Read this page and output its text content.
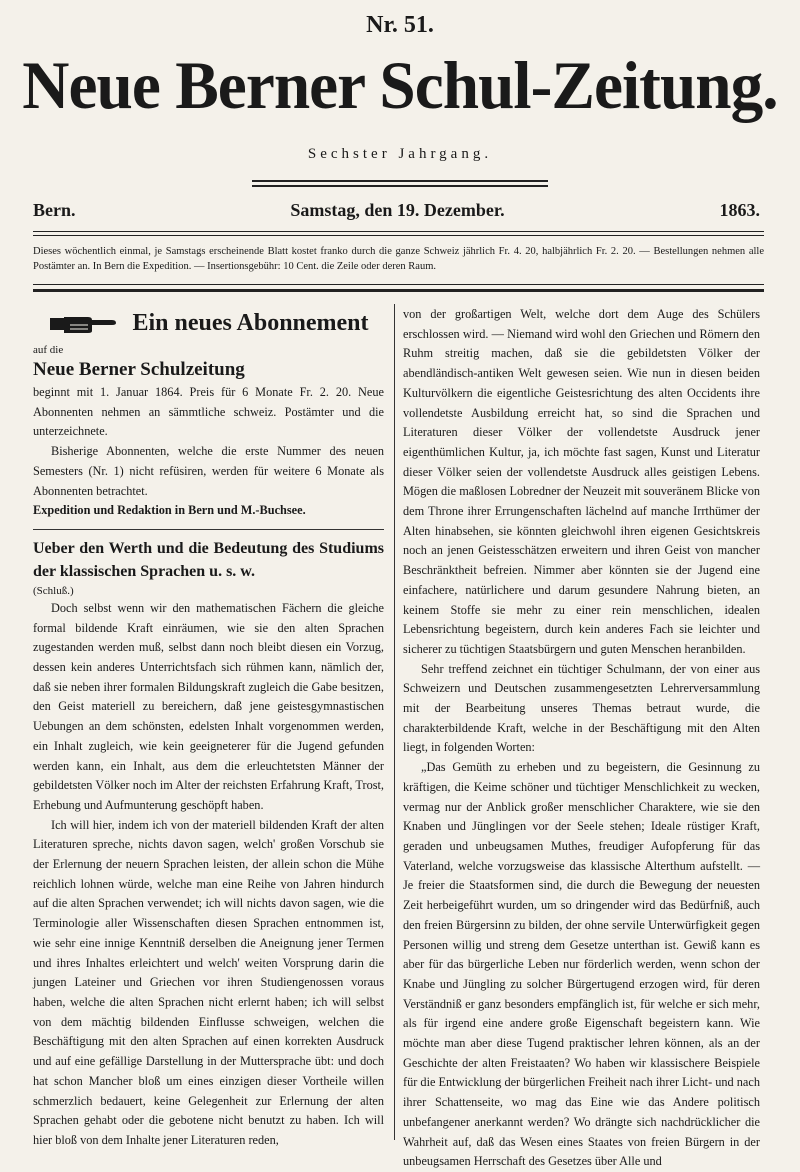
Nr. 51.
Neue Berner Schul-Zeitung.
Sechster Jahrgang.
Bern.	Samstag, den 19. Dezember.	1863.
Dieses wöchentlich einmal, je Samstags erscheinende Blatt kostet franko durch die ganze Schweiz jährlich Fr. 4. 20, halbjährlich Fr. 2. 20. — Bestellungen nehmen alle Postämter an. In Bern die Expedition. — Insertionsgebühr: 10 Cent. die Zeile oder deren Raum.
Ein neues Abonnement

auf die

Neue Berner Schulzeitung

beginnt mit 1. Januar 1864. Preis für 6 Monate Fr. 2. 20. Neue Abonnenten nehmen an sämmtliche schweiz. Postämter und die unterzeichnete.

Bisherige Abonnenten, welche die erste Nummer des neuen Semesters (Nr. 1) nicht refüsiren, werden für weitere 6 Monate als Abonnenten betrachtet.

Expedition und Redaktion in Bern und M.-Buchsee.

Ueber den Werth und die Bedeutung des Studiums der klassischen Sprachen u. s. w.

(Schluß.)

Doch selbst wenn wir den mathematischen Fächern die gleiche formal bildende Kraft einräumen, wie sie den alten Sprachen zugestanden werden muß, selbst dann noch bleibt diesen ein Vorzug, dessen kein anderes Unterrichtsfach sich rühmen kann, nämlich der, daß sie neben ihrer formalen Bildungskraft zugleich die Gabe besitzen, den Geist materiell zu bereichern, daß jene geistesgymnastischen Uebungen an dem schönsten, edelsten Inhalt vorgenommen werden, ein Inhalt zugleich, wie kein geeigneterer für die Jugend gefunden werden kann, ein Inhalt, aus dem die erleuchtetsten Männer der gebildetsten Völker noch im Alter der reichsten Erfahrung Kraft, Trost, Erhebung und Aufmunterung geschöpft haben.

Ich will hier, indem ich von der materiell bildenden Kraft der alten Literaturen spreche, nichts davon sagen, welch' großen Vorschub sie der Erlernung der neuern Sprachen leisten, der allein schon die Mühe reichlich lohnen würde, welche man eine Reihe von Jahren hindurch auf die alten Sprachen verwendet; ich will nichts davon sagen, wie die Terminologie aller Wissenschaften diesen Sprachen entnommen ist, wie sehr eine innige Kenntniß derselben die Aneignung jener Termen und ihres Inhaltes erleichtert und welch' weiten Vorsprung darin die jungen Lateiner und Griechen vor ihren Studiengenossen voraus haben, welche die alten Sprachen nicht erlernt haben; ich will selbst von dem mächtig bildenden Einflusse schweigen, welchen die Beschäftigung mit den alten Sprachen auf einen korrekten Ausdruck und auf eine gefällige Darstellung in der Muttersprache übt: und doch hat schon Mancher bloß um eines einzigen dieser Vortheile willen schmerzlich bedauert, keine Gelegenheit zur Erlernung der alten Sprachen gehabt oder die gebotene nicht benutzt zu haben. Ich will hier bloß von dem Inhalte jener Literaturen reden,

von der großartigen Welt, welche dort dem Auge des Schülers erschlossen wird. — Niemand wird wohl den Griechen und Römern den Ruhm streitig machen, daß sie die gebildetsten Völker der abendländisch-antiken Welt gewesen seien. Wie nun in diesen beiden Kulturvölkern die eigentliche Geistesrichtung des alten Occidents ihre vollendetste Ausbildung erreicht hat, so sind die Sprachen und Literaturen dieser Völker der vollendetste Ausdruck jener eigenthümlichen Kultur, ja, ich möchte fast sagen, Kunst und Literatur dieser Völker seien der vollendetste Ausdruck alles geistigen Lebens. Mögen die maßlosen Lobredner der Neuzeit mit souveränem Blicke von dem Throne ihrer Errungenschaften lächelnd auf manche Irrthümer der Alten hinabsehen, sie könnten gleichwohl ihren eigenen Gesichtskreis noch an jenen Geistesschätzen erweitern und ihren Geist von mancher Beschränktheit befreien. Nimmer aber könnten sie der Jugend eine einfachere, natürlichere und darum gesundere Nahrung bieten, an keinem Stoffe sie mehr zu einer rein menschlichen, idealen Lebensrichtung begeistern, durch kein anderes Fach sie leichter und sicherer zu tüchtigen Staatsbürgern und guten Menschen heranbilden.

Sehr treffend zeichnet ein tüchtiger Schulmann, der von einer aus Schweizern und Deutschen zusammengesetzten Lehrerversammlung mit der Bearbeitung unseres Themas betraut wurde, die charakterbildende Kraft, welche in der Beschäftigung mit den Alten liegt, in folgenden Worten:

„Das Gemüth zu erheben und zu begeistern, die Gesinnung zu kräftigen, die Keime schöner und tüchtiger Menschlichkeit zu wecken, vermag nur der Anblick großer menschlicher Charaktere, wie sie den Knaben und Jünglingen vor der Seele stehen; Ideale rüstiger Kraft, geraden und unbeugsamen Muthes, freudiger Aufopferung für das Vaterland, welche vorzugsweise das klassische Alterthum aufstellt. — Je freier die Staatsformen sind, die durch die Bewegung der neuesten Zeit herbeigeführt wurden, um so dringender wird das Bedürfniß, auch den freien Bürgersinn zu bilden, der ohne servile Unterwürfigkeit gegen Personen willig und streng dem Gesetze unterthan ist. Gewiß kann es aber für das bürgerliche Leben nur förderlich werden, wenn schon der Knabe und Jüngling zu solcher Bürgertugend erzogen wird, für deren Verständniß er ganz besonders empfänglich ist, für welche er sich mehr, als für irgend eine andere große Eigenschaft begeistern kann. Wie möchte man aber diese Tugend praktischer lehren können, als an der Geschichte der alten Freistaaten? Wo haben wir klassischere Beispiele für die Entwicklung der bürgerlichen Freiheit nach ihrer Licht- und nach ihrer Schattenseite, wo mag das Eine wie das Andere politisch unbefangener anerkannt werden? Wo drängte sich nachdrücklicher die Wahrheit auf, daß das Wesen eines Staates von freien Bürgern in der unbeugsamen Herrschaft des Gesetzes über Alle und
